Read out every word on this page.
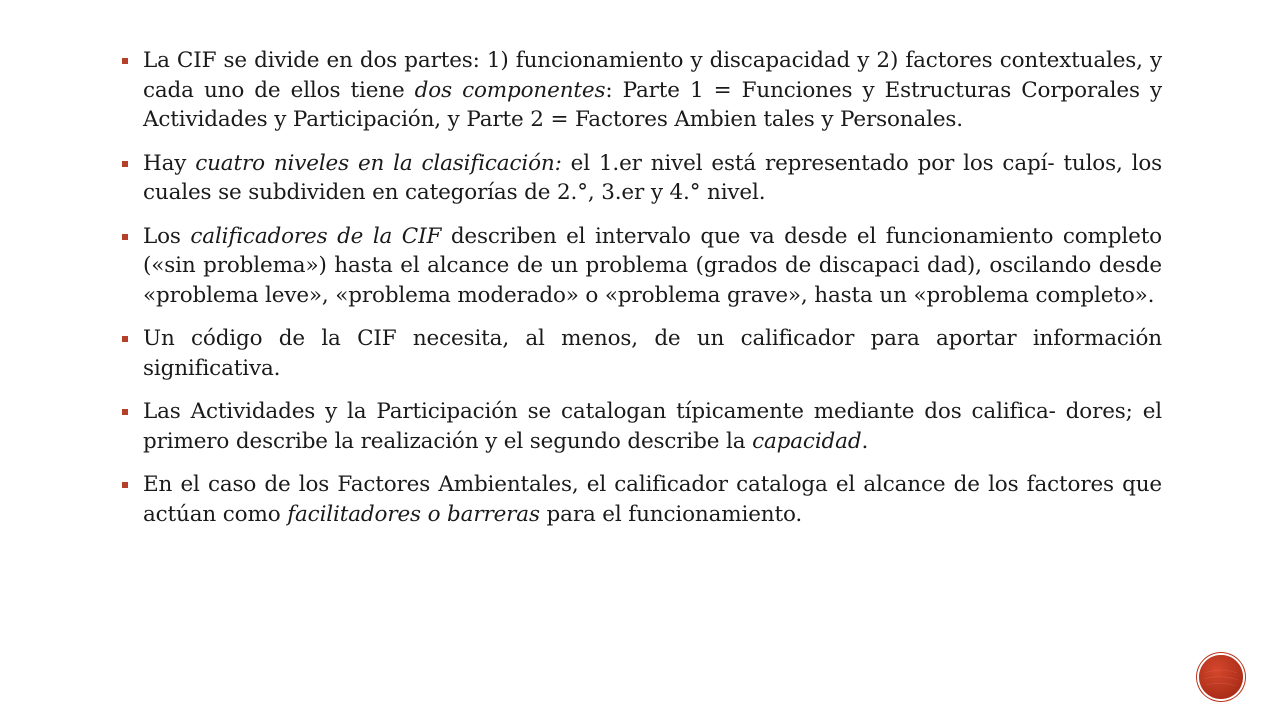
La CIF se divide en dos partes: 1) funcionamiento y discapacidad y 2) factores contextuales, y cada uno de ellos tiene dos componentes: Parte 1 = Funciones y Estructuras Corporales y Actividades y Participación, y Parte 2 = Factores Ambien tales y Personales.
Hay cuatro niveles en la clasificación: el 1.er nivel está representado por los capí- tulos, los cuales se subdividen en categorías de 2.°, 3.er y 4.° nivel.
Los calificadores de la CIF describen el intervalo que va desde el funcionamiento completo («sin problema») hasta el alcance de un problema (grados de discapaci dad), oscilando desde «problema leve», «problema moderado» o «problema grave», hasta un «problema completo».
Un código de la CIF necesita, al menos, de un calificador para aportar información significativa.
Las Actividades y la Participación se catalogan típicamente mediante dos califica- dores; el primero describe la realización y el segundo describe la capacidad.
En el caso de los Factores Ambientales, el calificador cataloga el alcance de los factores que actúan como facilitadores o barreras para el funcionamiento.
